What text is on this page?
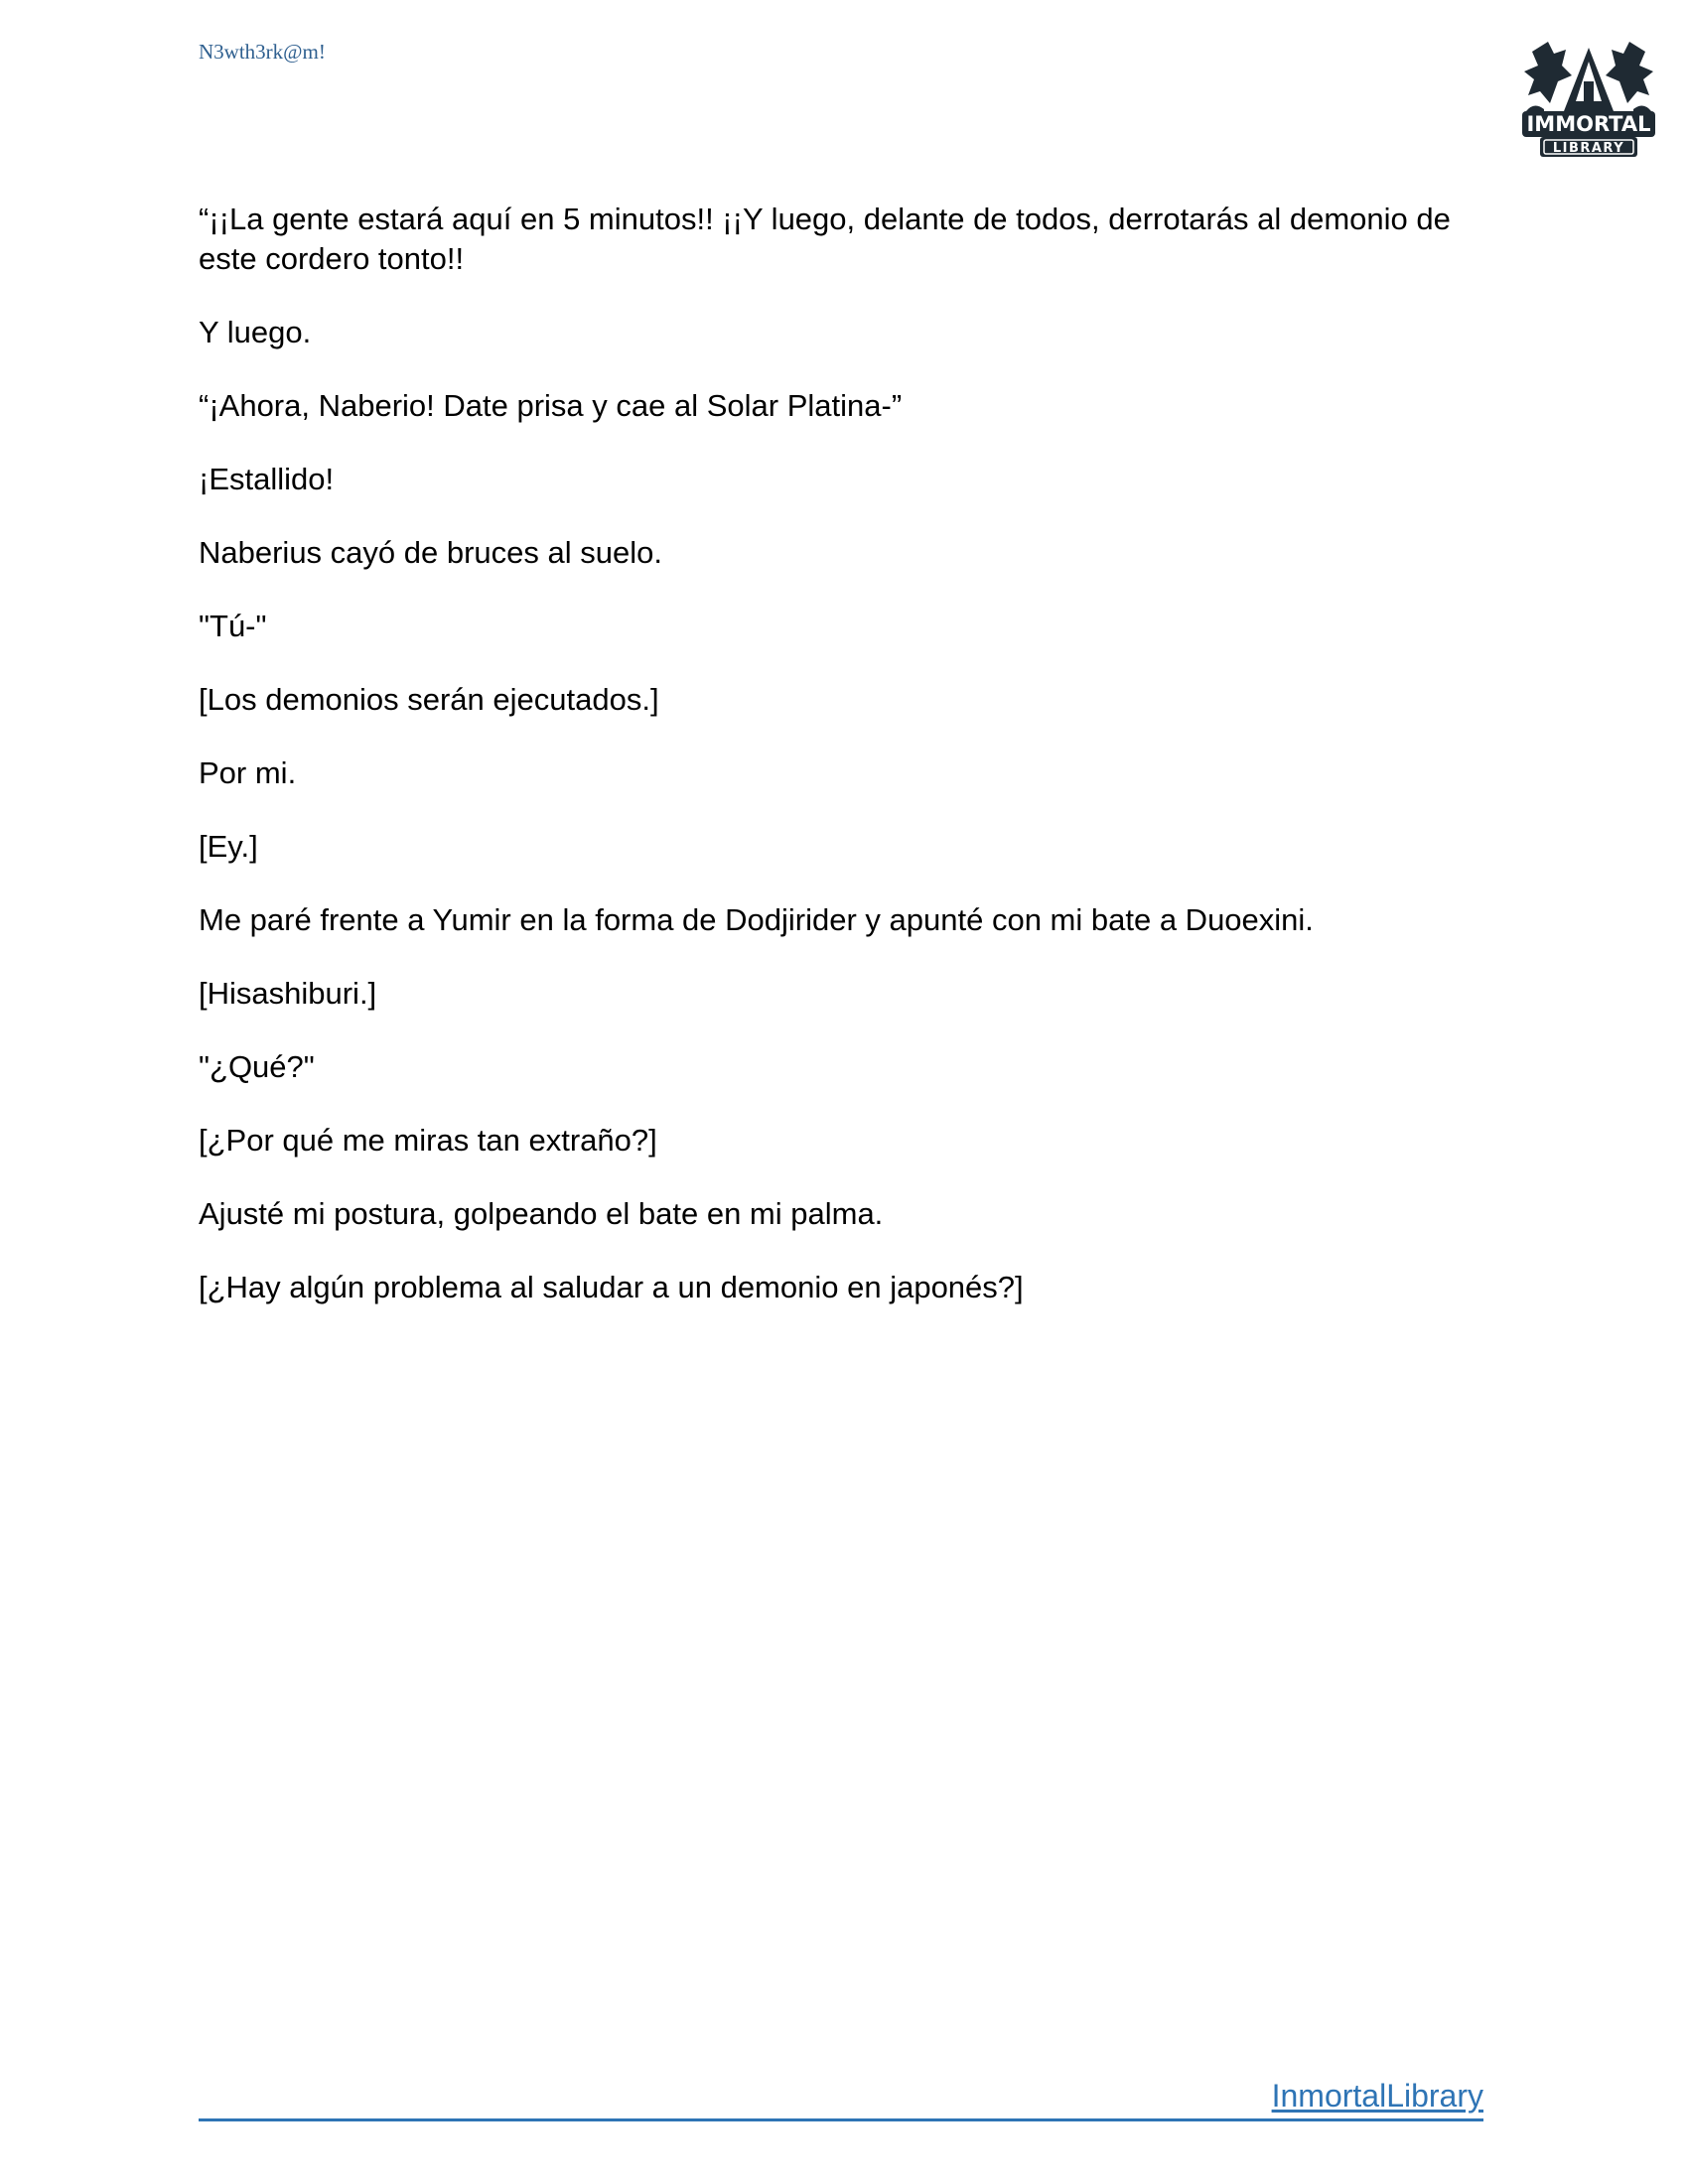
N3wth3rk@m!
IMMORTAL
LIBRARY

“¡¡La gente estará aquí en 5 minutos!! ¡¡Y luego, delante de todos, derrotarás al demonio de este cordero tonto!!

Y luego.

“¡Ahora, Naberio! Date prisa y cae al Solar Platina-”

¡Estallido!

Naberius cayó de bruces al suelo.

"Tú-"

[Los demonios serán ejecutados.]

Por mi.

[Ey.]

Me paré frente a Yumir en la forma de Dodjirider y apunté con mi bate a Duoexini.

[Hisashiburi.]

"¿Qué?"

[¿Por qué me miras tan extraño?]

Ajusté mi postura, golpeando el bate en mi palma.

[¿Hay algún problema al saludar a un demonio en japonés?]

InmortalLibrary
